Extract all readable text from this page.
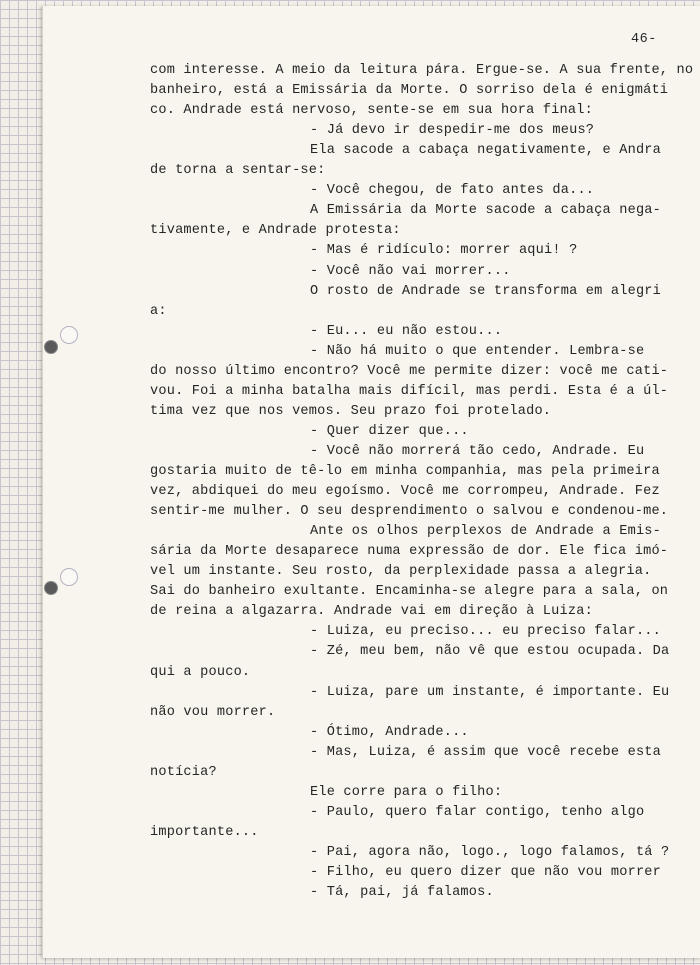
46-
com interesse. A meio da leitura pára. Ergue-se. A sua frente, no
banheiro, está a Emissária da Morte. O sorriso dela é enigmáti
co. Andrade está nervoso, sente-se em sua hora final:
- Já devo ir despedir-me dos meus?
Ela sacode a cabaça negativamente, e Andra
de torna a sentar-se:
- Você chegou, de fato antes da...
A Emissária da Morte sacode a cabaça nega-
tivamente, e Andrade protesta:
- Mas é ridículo: morrer aqui! ?
- Você não vai morrer...
O rosto de Andrade se transforma em alegri
a:
- Eu... eu não estou...
- Não há muito o que entender. Lembra-se
do nosso último encontro? Você me permite dizer: você me cati-
vou. Foi a minha batalha mais difícil, mas perdi. Esta é a úl-
tima vez que nos vemos. Seu prazo foi protelado.
- Quer dizer que...
- Você não morrerá tão cedo, Andrade. Eu
gostaria muito de tê-lo em minha companhia, mas pela primeira
vez, abdiquei do meu egoísmo. Você me corrompeu, Andrade. Fez
sentir-me mulher. O seu desprendimento o salvou e condenou-me.
Ante os olhos perplexos de Andrade a Emis-
sária da Morte desaparece numa expressão de dor. Ele fica imó-
vel um instante. Seu rosto, da perplexidade passa a alegria.
Sai do banheiro exultante. Encaminha-se alegre para a sala, on
de reina a algazarra. Andrade vai em direção à Luiza:
- Luiza, eu preciso... eu preciso falar...
- Zé, meu bem, não vê que estou ocupada. Da
qui a pouco.
- Luiza, pare um instante, é importante. Eu
não vou morrer.
- Ótimo, Andrade...
- Mas, Luiza, é assim que você recebe esta
notícia?
Ele corre para o filho:
- Paulo, quero falar contigo, tenho algo
importante...
- Pai, agora não, logo., logo falamos, tá ?
- Filho, eu quero dizer que não vou morrer
- Tá, pai, já falamos.
